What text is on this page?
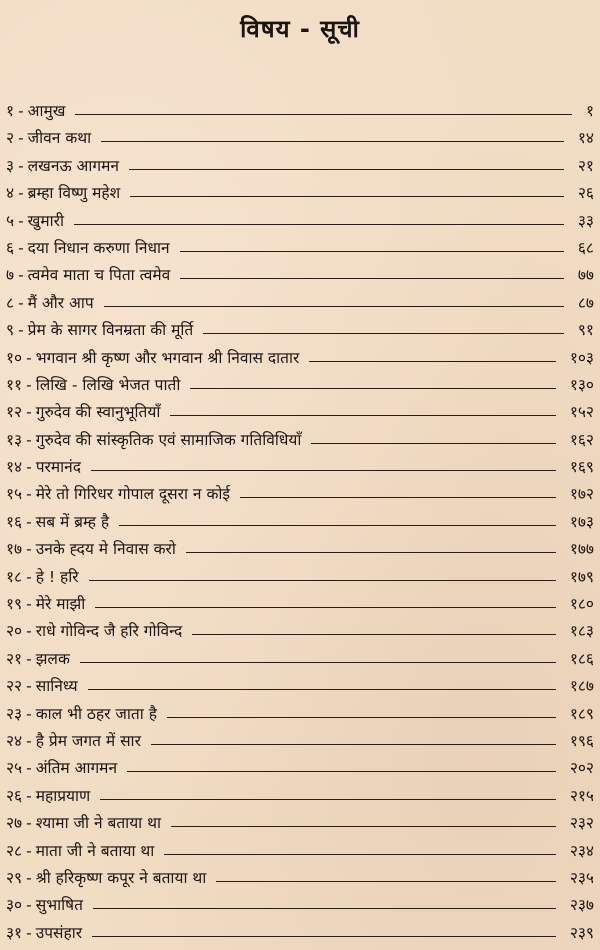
विषय - सूची
१ - आमुख	१
२ - जीवन कथा	१४
३ - लखनऊ आगमन	२१
४ - ब्रम्हा विष्णु महेश	२६
५ - खुमारी	३३
६ - दया निधान करुणा निधान	६८
७ - त्वमेव माता च पिता त्वमेव	७७
८ - मैं और आप	८७
९ - प्रेम के सागर विनम्रता की मूर्ति	९१
१० - भगवान श्री कृष्ण और भगवान श्री निवास दातार	१०३
११ - लिखि - लिखि भेजत पाती	१३०
१२ - गुरुदेव की स्वानुभूतियाँ	१५२
१३ - गुरुदेव की सांस्कृतिक एवं सामाजिक गतिविधियाँ	१६२
१४ - परमानंद	१६९
१५ - मेरे तो गिरिधर गोपाल दूसरा न कोई	१७२
१६ - सब में ब्रम्ह है	१७३
१७ - उनके ह्दय मे निवास करो	१७७
१८ - हे ! हरि	१७९
१९ - मेरे माझी	१८०
२० - राधे गोविन्द जै हरि गोविन्द	१८३
२१ - झलक	१८६
२२ - सानिध्य	१८७
२३ - काल भी ठहर जाता है	१८९
२४ - है प्रेम जगत में सार	१९६
२५ - अंतिम आगमन	२०२
२६ - महाप्रयाण	२१५
२७ - श्यामा जी ने बताया था	२३२
२८ - माता जी ने बताया था	२३४
२९ - श्री हरिकृष्ण कपूर ने बताया था	२३५
३० - सुभाषित	२३७
३१ - उपसंहार	२३९
